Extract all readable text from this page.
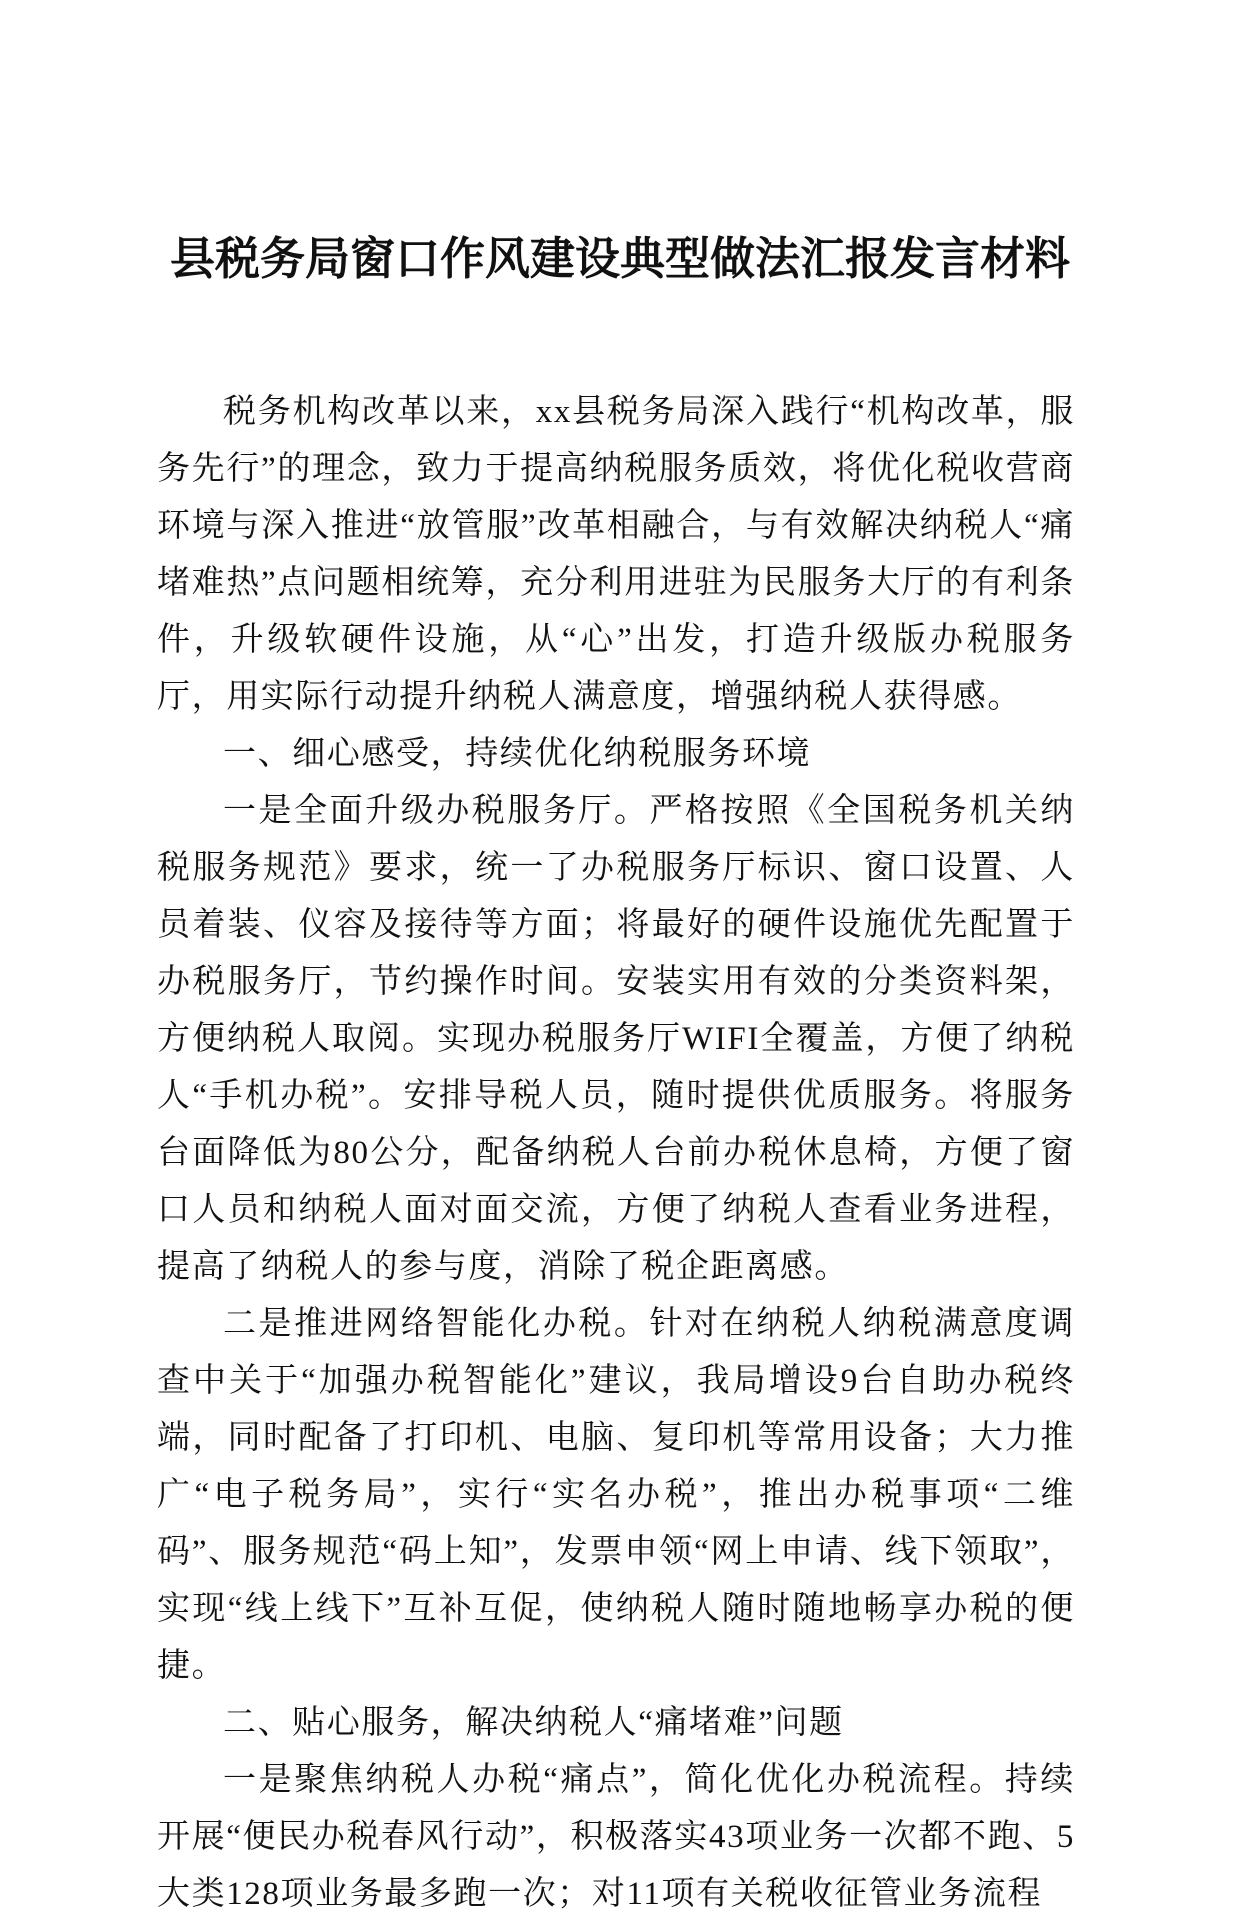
县税务局窗口作风建设典型做法汇报发言材料

税务机构改革以来，xx县税务局深入践行“机构改革，服务先行”的理念，致力于提高纳税服务质效，将优化税收营商环境与深入推进“放管服”改革相融合，与有效解决纳税人“痛堵难热”点问题相统筹，充分利用进驻为民服务大厅的有利条件，升级软硬件设施，从“心”出发，打造升级版办税服务厅，用实际行动提升纳税人满意度，增强纳税人获得感。

一、细心感受，持续优化纳税服务环境

一是全面升级办税服务厅。严格按照《全国税务机关纳税服务规范》要求，统一了办税服务厅标识、窗口设置、人员着装、仪容及接待等方面；将最好的硬件设施优先配置于办税服务厅，节约操作时间。安装实用有效的分类资料架，方便纳税人取阅。实现办税服务厅WIFI全覆盖，方便了纳税人“手机办税”。安排导税人员，随时提供优质服务。将服务台面降低为80公分，配备纳税人台前办税休息椅，方便了窗口人员和纳税人面对面交流，方便了纳税人查看业务进程，提高了纳税人的参与度，消除了税企距离感。

二是推进网络智能化办税。针对在纳税人纳税满意度调查中关于“加强办税智能化”建议，我局增设9台自助办税终端，同时配备了打印机、电脑、复印机等常用设备；大力推广“电子税务局”，实行“实名办税”，推出办税事项“二维码”、服务规范“码上知”，发票申领“网上申请、线下领取”，实现“线上线下”互补互促，使纳税人随时随地畅享办税的便捷。

二、贴心服务，解决纳税人“痛堵难”问题

一是聚焦纳税人办税“痛点”，简化优化办税流程。持续开展“便民办税春风行动”，积极落实43项业务一次都不跑、5大类128项业务最多跑一次；对11项有关税收征管业务流程
